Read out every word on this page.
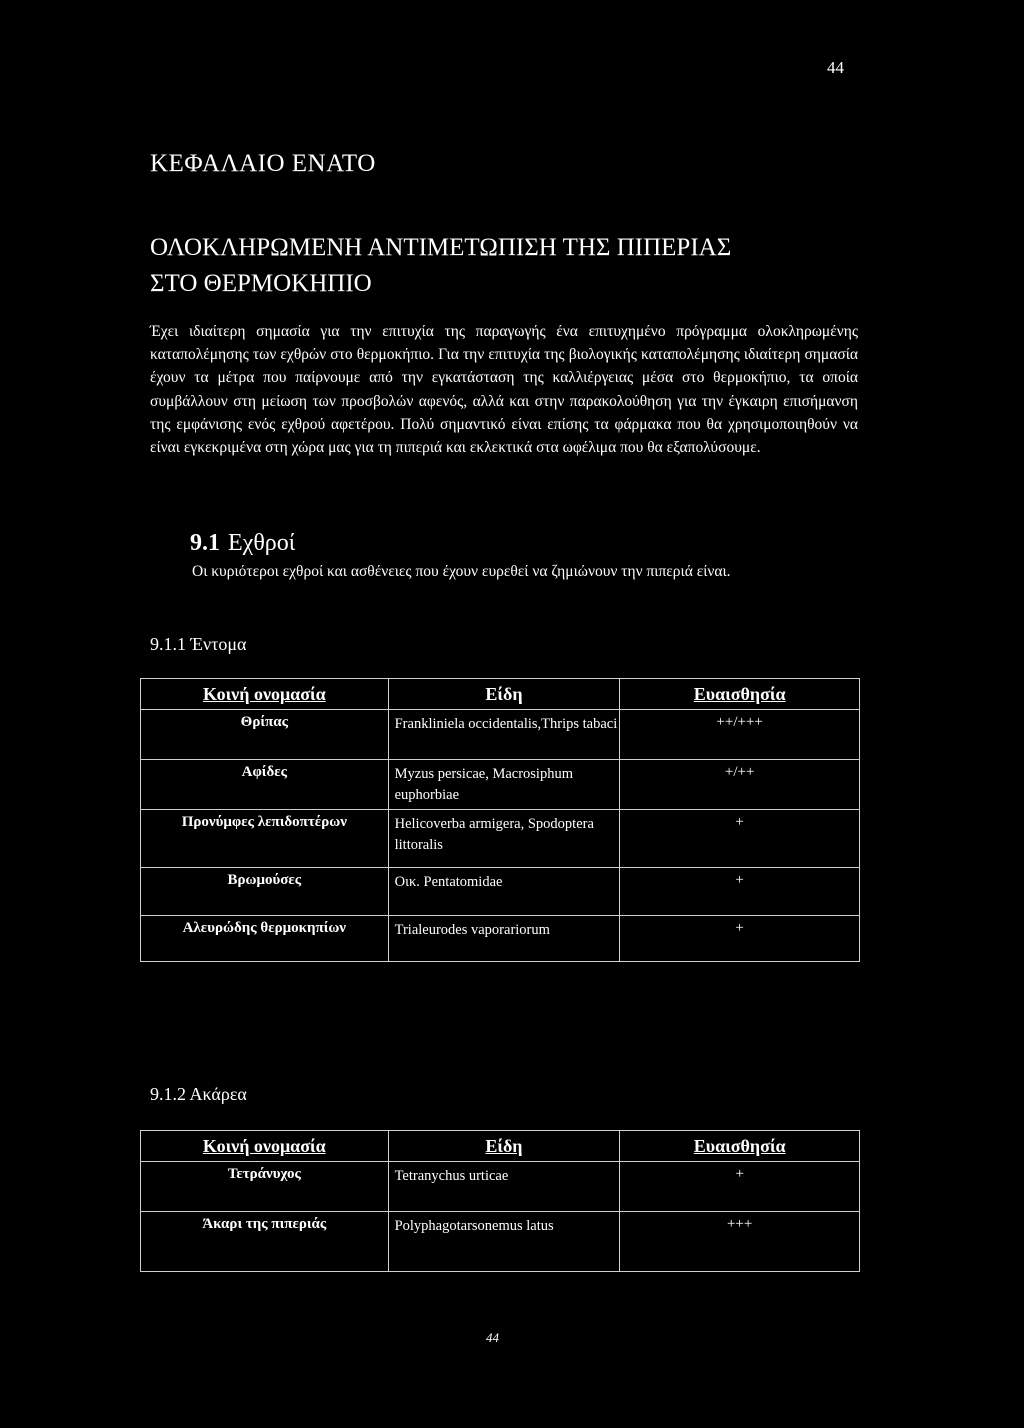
44
ΚΕΦΑΛΑΙΟ ΕΝΑΤΟ
ΟΛΟΚΛΗΡΩΜΕΝΗ ΑΝΤΙΜΕΤΩΠΙΣΗ ΤΗΣ ΠΙΠΕΡΙΑΣ
ΣΤΟ ΘΕΡΜΟΚΗΠΙΟ
Έχει ιδιαίτερη σημασία για την επιτυχία της παραγωγής ένα επιτυχημένο πρόγραμμα ολοκληρωμένης καταπολέμησης των εχθρών στο θερμοκήπιο. Για την επιτυχία της βιολογικής καταπολέμησης ιδιαίτερη σημασία έχουν τα μέτρα που παίρνουμε από την εγκατάσταση της καλλιέργειας μέσα στο θερμοκήπιο, τα οποία συμβάλλουν στη μείωση των προσβολών αφενός, αλλά και στην παρακολούθηση για την έγκαιρη επισήμανση της εμφάνισης ενός εχθρού αφετέρου. Πολύ σημαντικό είναι επίσης τα φάρμακα που θα χρησιμοποιηθούν να είναι εγκεκριμένα στη χώρα μας για τη πιπεριά και εκλεκτικά στα ωφέλιμα που θα εξαπολύσουμε.
9.1 Εχθροί
Οι κυριότεροι εχθροί και ασθένειες που έχουν ευρεθεί να ζημιώνουν την πιπεριά είναι.
9.1.1 Έντομα
Κοινή ονομασία	Είδη	Ευαισθησία
Θρίπας	Frankliniela occidentalis,Thrips tabaci	++/+++
Αφίδες	Myzus persicae, Macrosiphum euphorbiae	+/++
Προνύμφες λεπιδοπτέρων	Helicoverba armigera, Spodoptera littoralis	+
Βρωμούσες	Οικ. Pentatomidae	+
Αλευρώδης θερμοκηπίων	Trialeurodes vaporariorum	+
9.1.2 Ακάρεα
Κοινή ονομασία	Είδη	Ευαισθησία
Τετράνυχος	Tetranychus urticae	+
Άκαρι της πιπεριάς	Polyphagotarsonemus latus	+++
44
